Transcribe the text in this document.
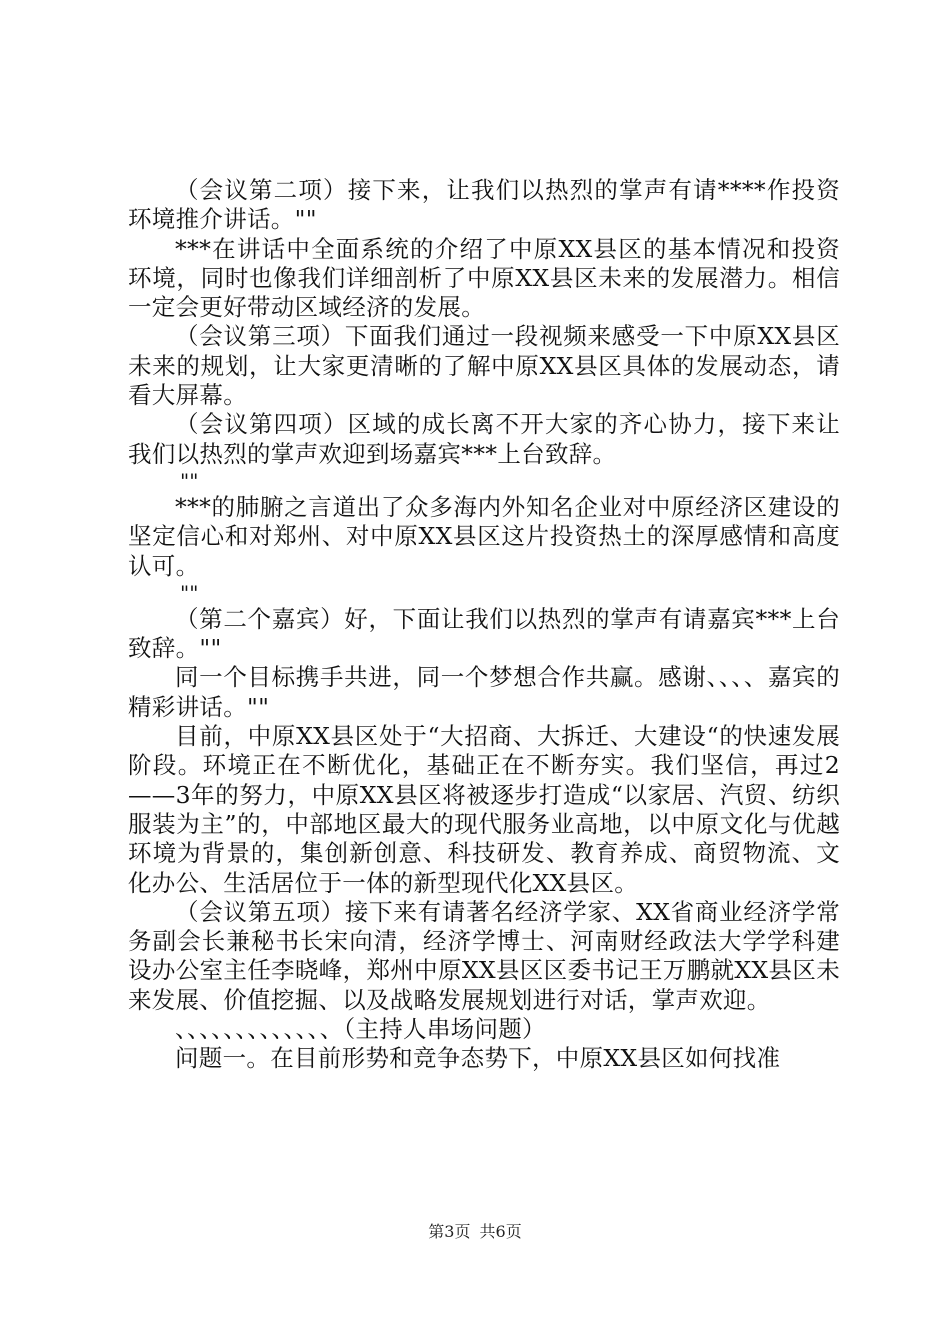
（会议第二项）接下来，让我们以热烈的掌声有请****作投资环境推介讲话。""

***在讲话中全面系统的介绍了中原XX县区的基本情况和投资环境，同时也像我们详细剖析了中原XX县区未来的发展潜力。相信一定会更好带动区域经济的发展。

（会议第三项）下面我们通过一段视频来感受一下中原XX县区未来的规划，让大家更清晰的了解中原XX县区具体的发展动态，请看大屏幕。

（会议第四项）区域的成长离不开大家的齐心协力，接下来让我们以热烈的掌声欢迎到场嘉宾***上台致辞。

""

***的肺腑之言道出了众多海内外知名企业对中原经济区建设的坚定信心和对郑州、对中原XX县区这片投资热土的深厚感情和高度认可。

""

（第二个嘉宾）好，下面让我们以热烈的掌声有请嘉宾***上台致辞。""

同一个目标携手共进，同一个梦想合作共赢。感谢、、、、嘉宾的精彩讲话。""

目前，中原XX县区处于“大招商、大拆迁、大建设“的快速发展阶段。环境正在不断优化，基础正在不断夯实。我们坚信，再过2——3年的努力，中原XX县区将被逐步打造成“以家居、汽贸、纺织服装为主”的，中部地区最大的现代服务业高地，以中原文化与优越环境为背景的，集创新创意、科技研发、教育养成、商贸物流、文化办公、生活居位于一体的新型现代化XX县区。

（会议第五项）接下来有请著名经济学家、XX省商业经济学常务副会长兼秘书长宋向清，经济学博士、河南财经政法大学学科建设办公室主任李晓峰，郑州中原XX县区区委书记王万鹏就XX县区未来发展、价值挖掘、以及战略发展规划进行对话，掌声欢迎。

、、、、、、、、、、、、、（主持人串场问题）

问题一。在目前形势和竞争态势下，中原XX县区如何找准

第3页 共6页
